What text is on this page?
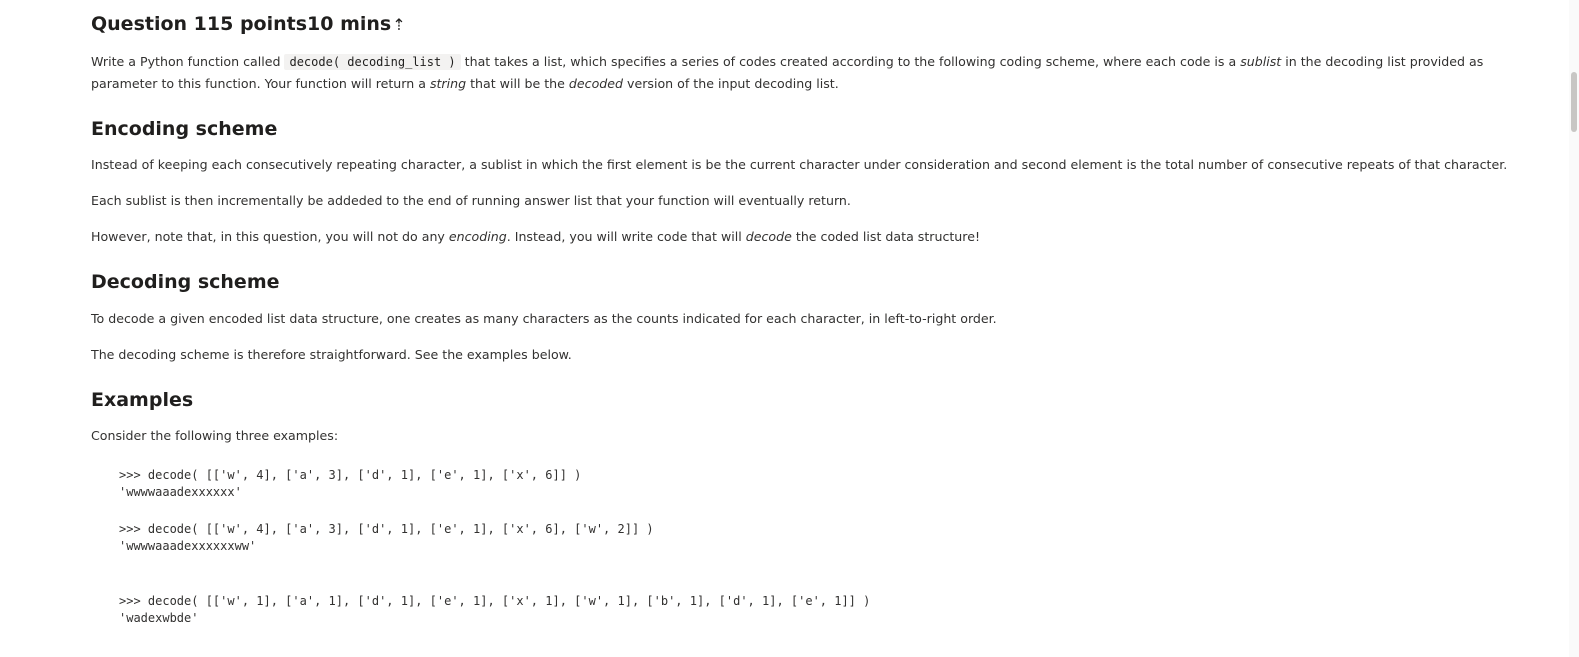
Question 115 points10 mins⇡

Write a Python function called decode( decoding_list ) that takes a list, which specifies a series of codes created according to the following coding scheme, where each code is a sublist in the decoding list provided as parameter to this function. Your function will return a string that will be the decoded version of the input decoding list.

Encoding scheme

Instead of keeping each consecutively repeating character, a sublist in which the first element is be the current character under consideration and second element is the total number of consecutive repeats of that character.

Each sublist is then incrementally be addeded to the end of running answer list that your function will eventually return.

However, note that, in this question, you will not do any encoding. Instead, you will write code that will decode the coded list data structure!

Decoding scheme

To decode a given encoded list data structure, one creates as many characters as the counts indicated for each character, in left-to-right order.

The decoding scheme is therefore straightforward. See the examples below.

Examples

Consider the following three examples:

>>> decode( [['w', 4], ['a', 3], ['d', 1], ['e', 1], ['x', 6]] )
'wwwwaaadexxxxxx'
>>> decode( [['w', 4], ['a', 3], ['d', 1], ['e', 1], ['x', 6], ['w', 2]] )
'wwwwaaadexxxxxxww'
>>> decode( [['w', 1], ['a', 1], ['d', 1], ['e', 1], ['x', 1], ['w', 1], ['b', 1], ['d', 1], ['e', 1]] )
'wadexwbde'
